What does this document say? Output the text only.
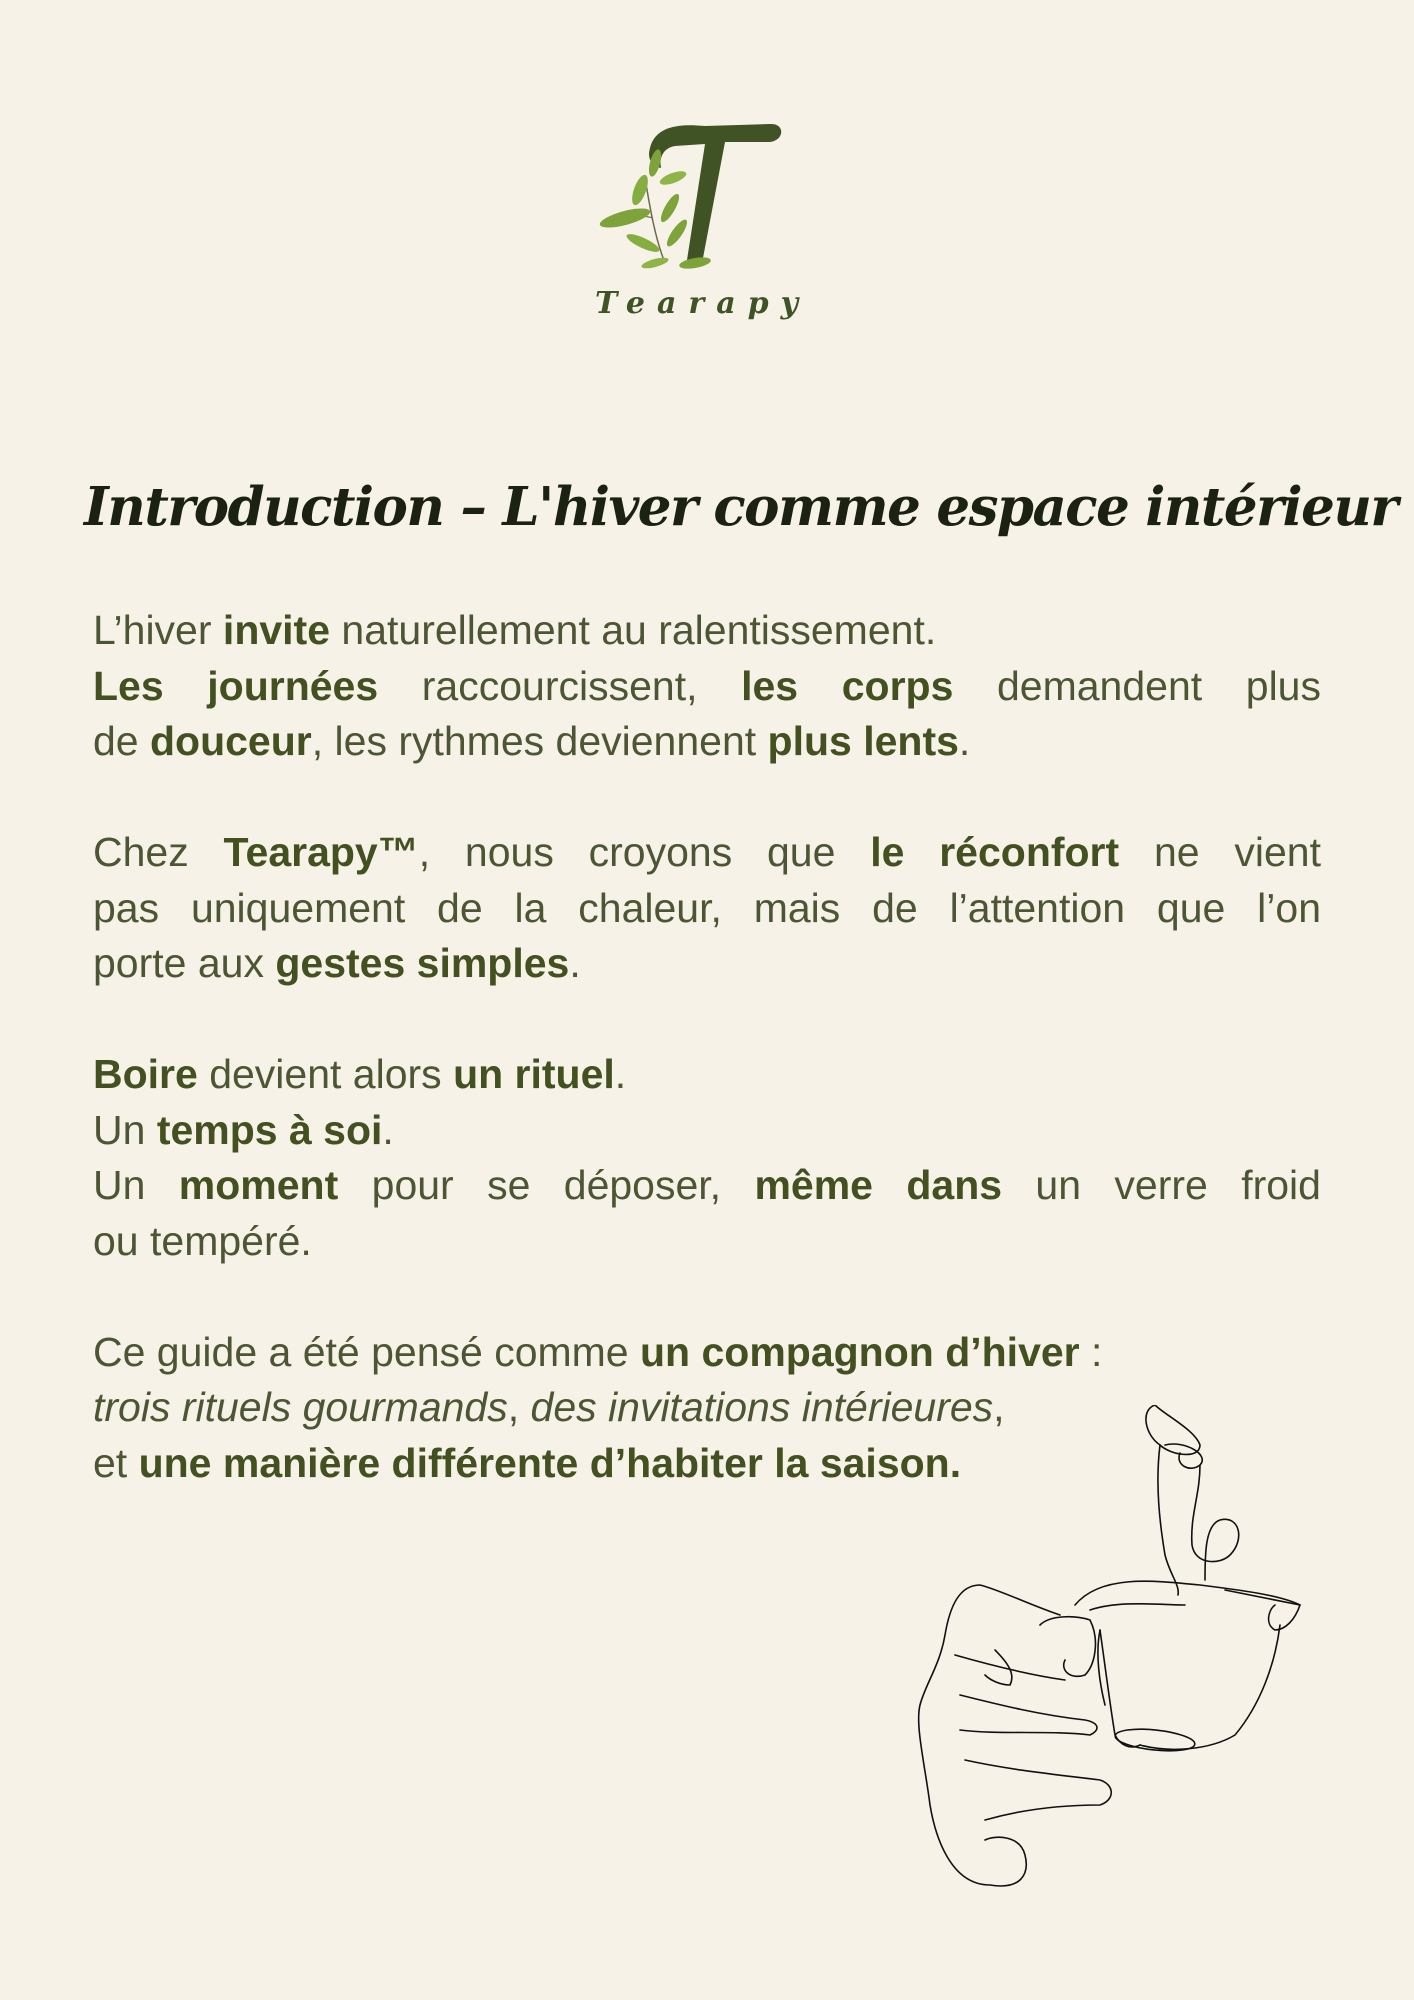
Tearapy
Introduction – L'hiver comme espace intérieur
L’hiver invite naturellement au ralentissement.
Les journées raccourcissent, les corps demandent plus
de douceur, les rythmes deviennent plus lents.
Chez Tearapy™, nous croyons que le réconfort ne vient
pas uniquement de la chaleur, mais de l’attention que l’on
porte aux gestes simples.
Boire devient alors un rituel.
Un temps à soi.
Un moment pour se déposer, même dans un verre froid
ou tempéré.
Ce guide a été pensé comme un compagnon d’hiver :
trois rituels gourmands, des invitations intérieures,
et une manière différente d’habiter la saison.
